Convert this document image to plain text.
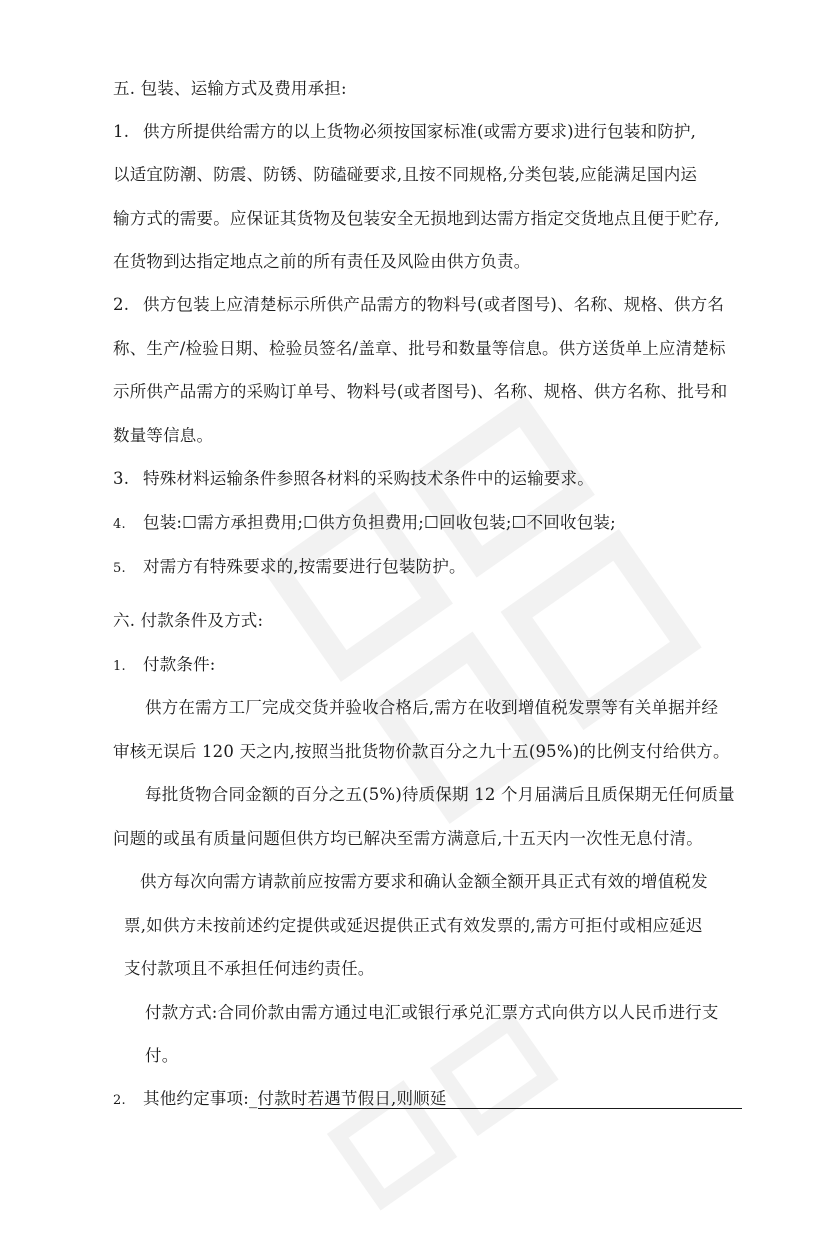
五. 包装、运输方式及费用承担:
1. 供方所提供给需方的以上货物必须按国家标准(或需方要求)进行包装和防护,
以适宜防潮、防震、防锈、防磕碰要求,且按不同规格,分类包装,应能满足国内运
输方式的需要。应保证其货物及包装安全无损地到达需方指定交货地点且便于贮存,
在货物到达指定地点之前的所有责任及风险由供方负责。
2. 供方包装上应清楚标示所供产品需方的物料号(或者图号)、名称、规格、供方名
称、生产/检验日期、检验员签名/盖章、批号和数量等信息。供方送货单上应清楚标
示所供产品需方的采购订单号、物料号(或者图号)、名称、规格、供方名称、批号和
数量等信息。
3. 特殊材料运输条件参照各材料的采购技术条件中的运输要求。
4. 包装:☐需方承担费用;☐供方负担费用;☐回收包装;☐不回收包装;
5. 对需方有特殊要求的,按需要进行包装防护。
六. 付款条件及方式:
1. 付款条件:
供方在需方工厂完成交货并验收合格后,需方在收到增值税发票等有关单据并经
审核无误后 120 天之内,按照当批货物价款百分之九十五(95%)的比例支付给供方。
每批货物合同金额的百分之五(5%)待质保期 12 个月届满后且质保期无任何质量
问题的或虽有质量问题但供方均已解决至需方满意后,十五天内一次性无息付清。
供方每次向需方请款前应按需方要求和确认金额全额开具正式有效的增值税发
票,如供方未按前述约定提供或延迟提供正式有效发票的,需方可拒付或相应延迟
支付款项且不承担任何违约责任。
付款方式:合同价款由需方通过电汇或银行承兑汇票方式向供方以人民币进行支
付。
2. 其他约定事项:_付款时若遇节假日,则顺延
